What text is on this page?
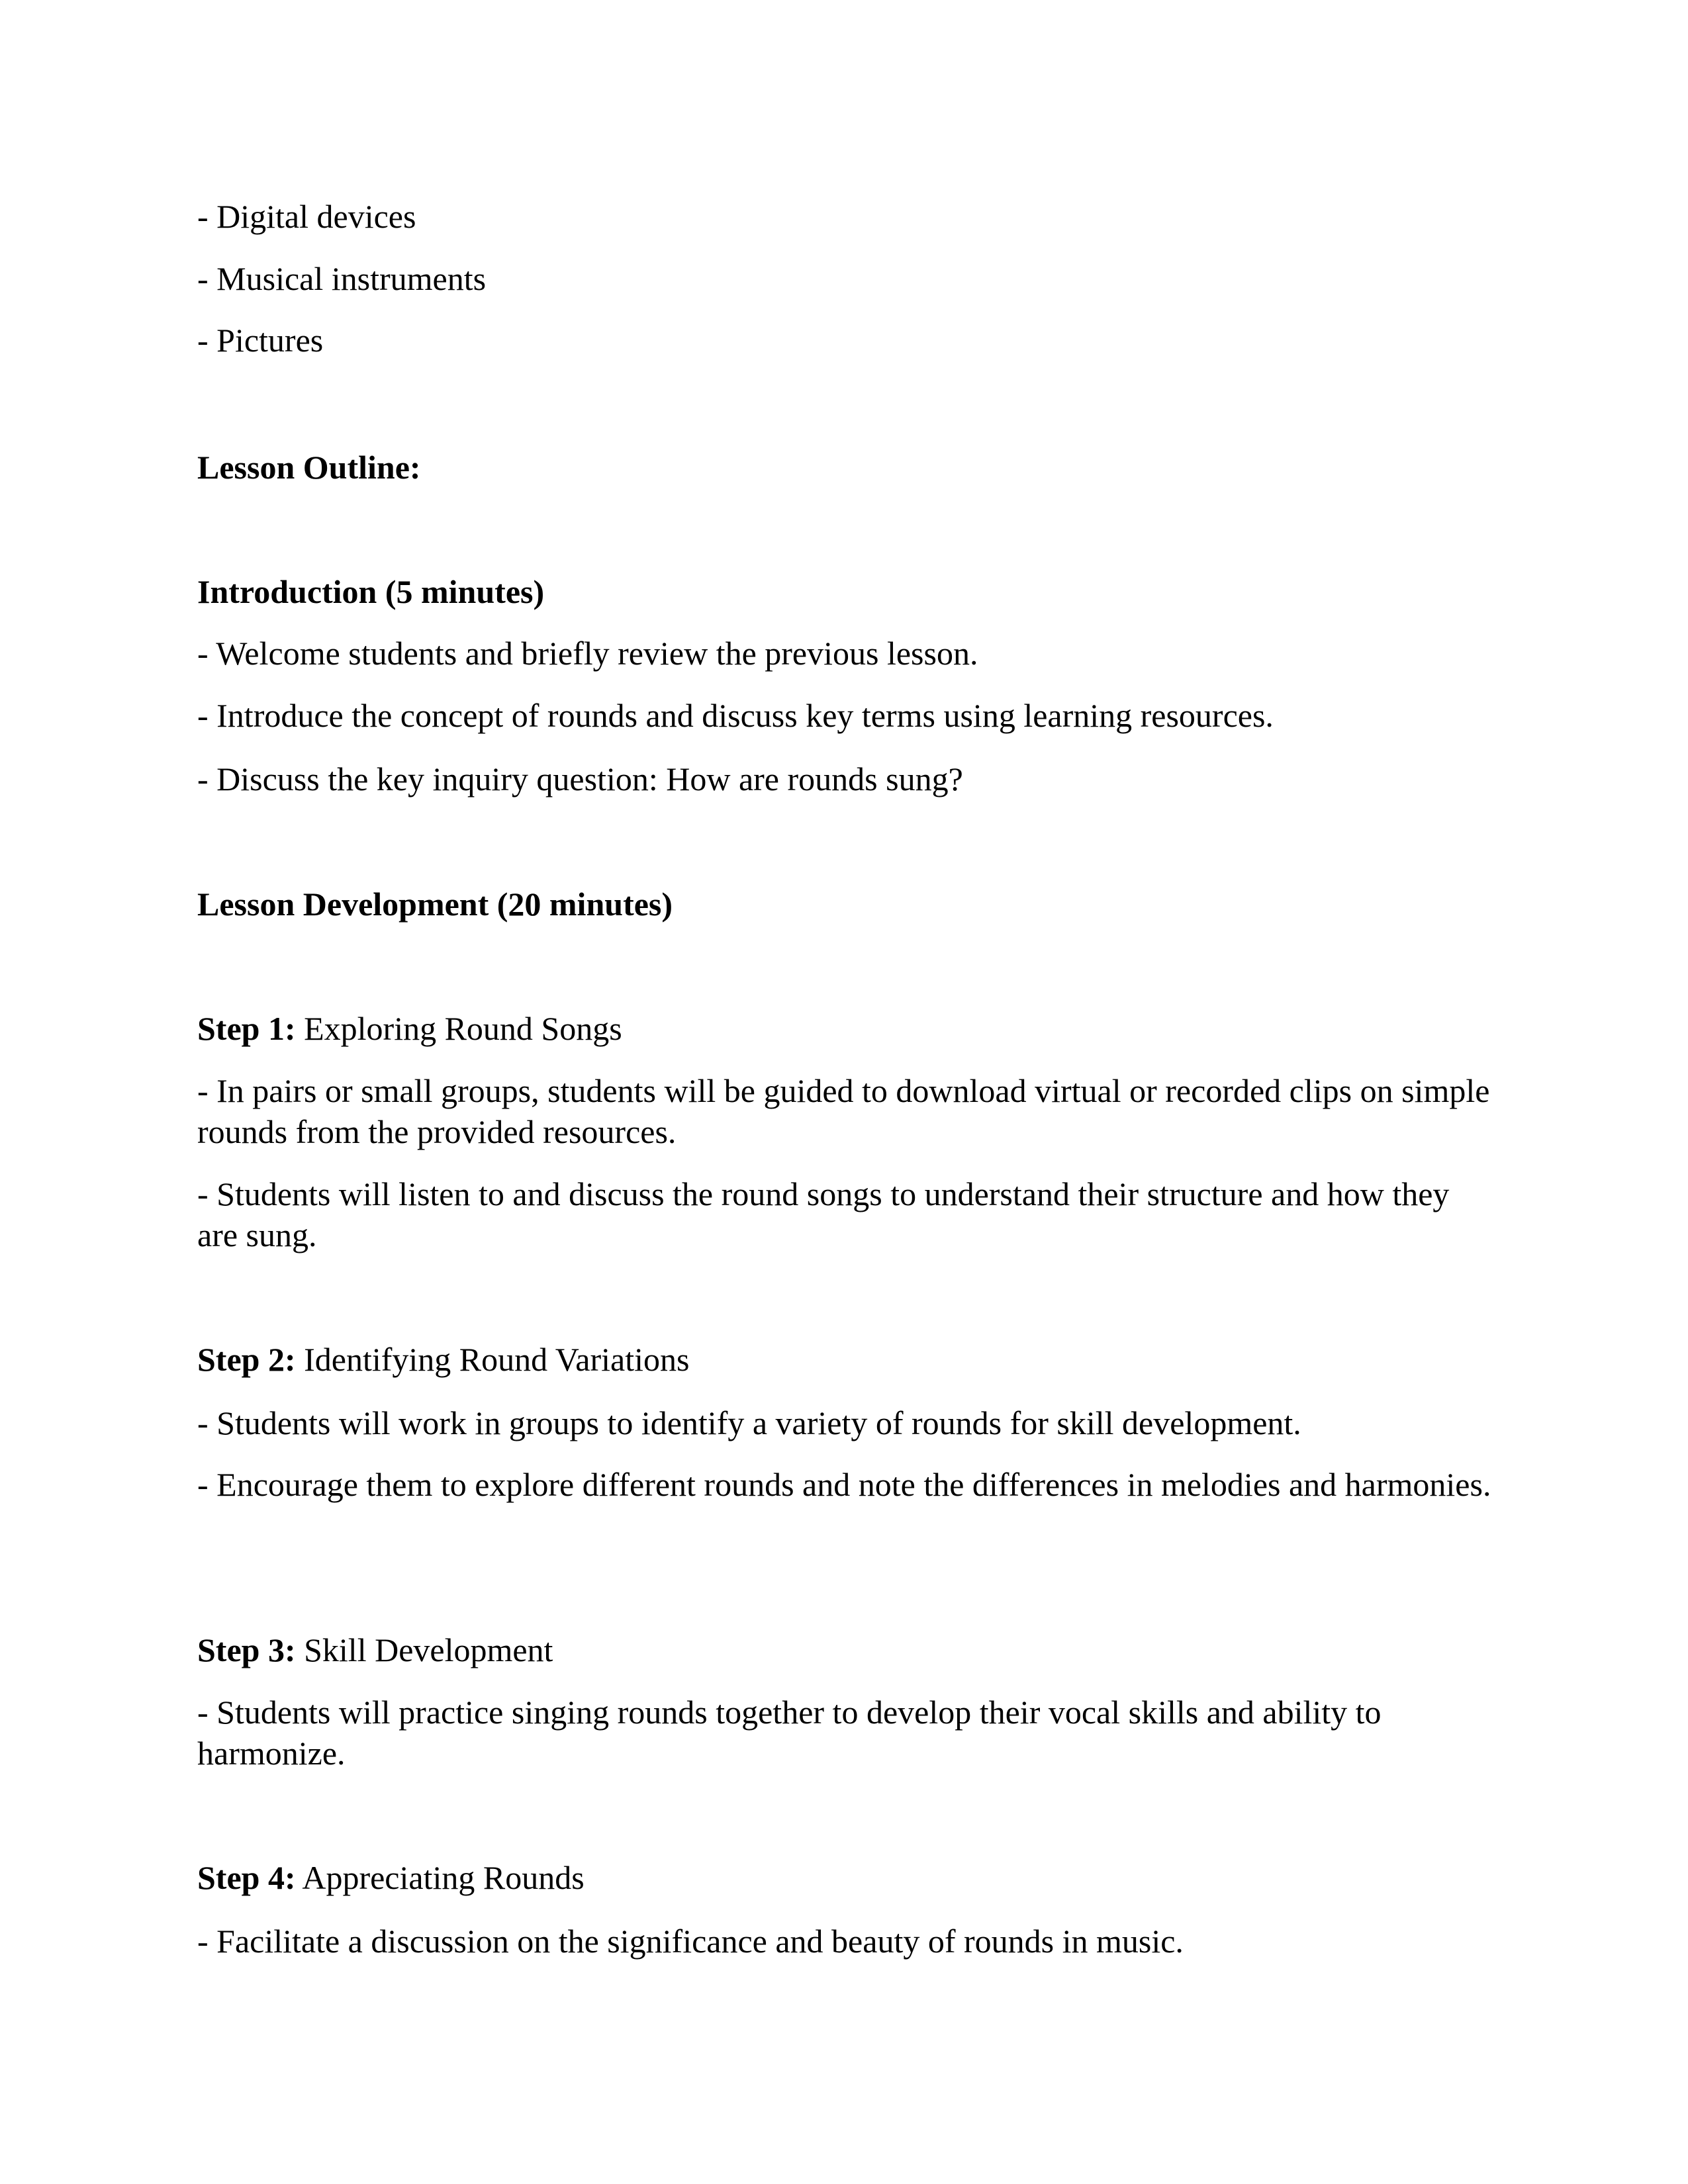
- Digital devices
- Musical instruments
- Pictures
Lesson Outline:
Introduction (5 minutes)
- Welcome students and briefly review the previous lesson.
- Introduce the concept of rounds and discuss key terms using learning resources.
- Discuss the key inquiry question: How are rounds sung?
Lesson Development (20 minutes)
Step 1: Exploring Round Songs
- In pairs or small groups, students will be guided to download virtual or recorded clips on simple rounds from the provided resources.
- Students will listen to and discuss the round songs to understand their structure and how they are sung.
Step 2: Identifying Round Variations
- Students will work in groups to identify a variety of rounds for skill development.
- Encourage them to explore different rounds and note the differences in melodies and harmonies.
Step 3: Skill Development
- Students will practice singing rounds together to develop their vocal skills and ability to harmonize.
Step 4: Appreciating Rounds
- Facilitate a discussion on the significance and beauty of rounds in music.
